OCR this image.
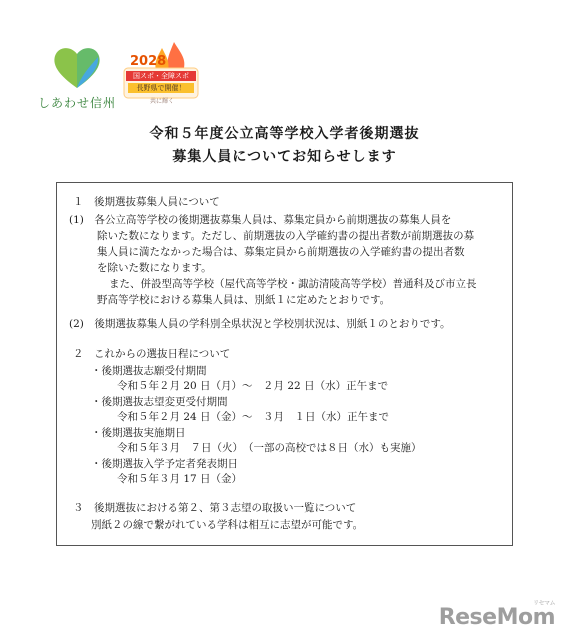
しあわせ信州
2028
国スポ・全障スポ
長野県で開催！
共に輝く
令和５年度公立高等学校入学者後期選抜
募集人員についてお知らせします
１　後期選抜募集人員について
(1)　各公立高等学校の後期選抜募集人員は、募集定員から前期選抜の募集人員を
除いた数になります。ただし、前期選抜の入学確約書の提出者数が前期選抜の募
集人員に満たなかった場合は、募集定員から前期選抜の入学確約書の提出者数
を除いた数になります。
また、併設型高等学校（屋代高等学校・諏訪清陵高等学校）普通科及び市立長
野高等学校における募集人員は、別紙１に定めたとおりです。
(2)　後期選抜募集人員の学科別全県状況と学校別状況は、別紙１のとおりです。
２　これからの選抜日程について
・後期選抜志願受付期間
令和５年２月 20 日（月）～　２月 22 日（水）正午まで
・後期選抜志望変更受付期間
令和５年２月 24 日（金）～　３月　１日（水）正午まで
・後期選抜実施期日
令和５年３月　７日（火）　（一部の高校では８日（水）も実施）
・後期選抜入学予定者発表期日
令和５年３月 17 日（金）
３　後期選抜における第２、第３志望の取扱い一覧について
別紙２の線で繋がれている学科は相互に志望が可能です。
ReseMom
リセマム
